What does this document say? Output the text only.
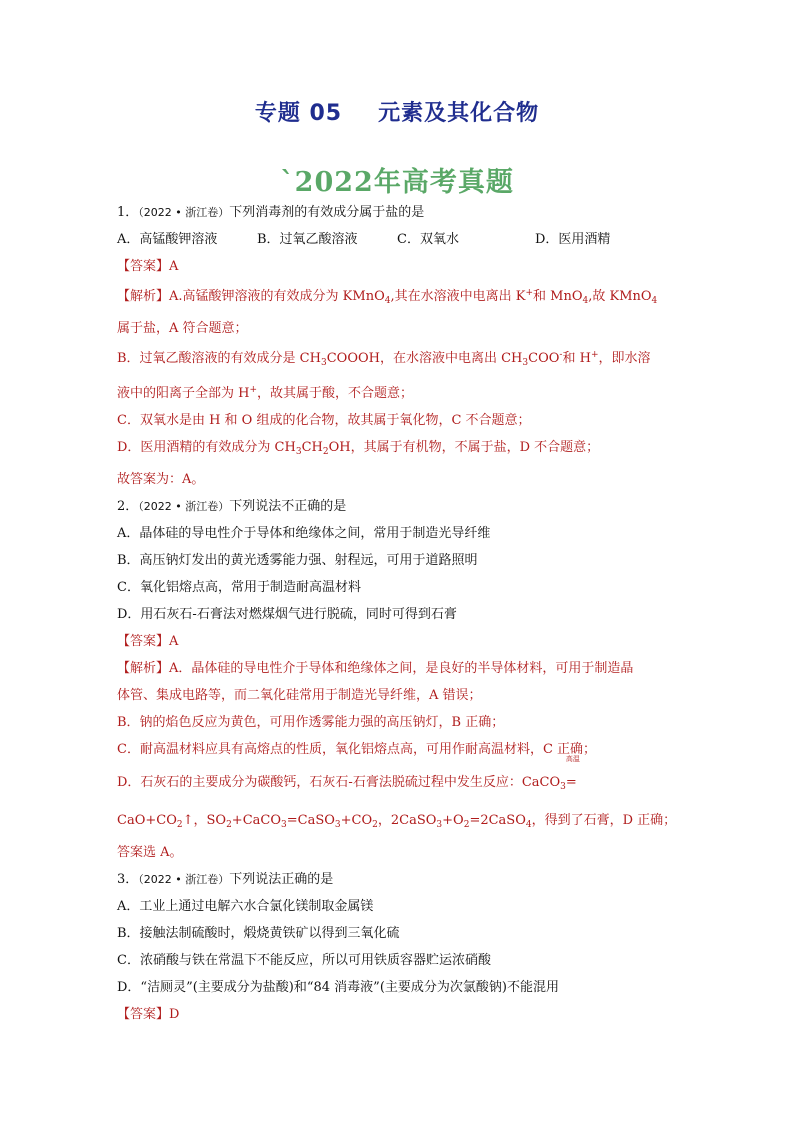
专题 05 元素及其化合物
`2022年高考真题

1．（2022 • 浙江卷）下列消毒剂的有效成分属于盐的是

A．高锰酸钾溶液	B．过氧乙酸溶液	C．双氧水	D．医用酒精

【答案】A

【解析】A.高锰酸钾溶液的有效成分为 KMnO$_4$,其在水溶液中电离出 K+和 MnO$_4$,故 KMnO$_4$

属于盐，A 符合题意；

B．过氧乙酸溶液的有效成分是 $CH_3COOOH$，在水溶液中电离出 $CH_3COO^-$和 H+，即水溶

液中的阳离子全部为 H+，故其属于酸，不合题意；

C．双氧水是由 H 和 O 组成的化合物，故其属于氧化物，C 不合题意；

D．医用酒精的有效成分为 $CH_3CH_2OH$，其属于有机物，不属于盐，D 不合题意；

故答案为：A。

2．（2022 • 浙江卷）下列说法不正确的是

A．晶体硅的导电性介于导体和绝缘体之间，常用于制造光导纤维

B．高压钠灯发出的黄光透雾能力强、射程远，可用于道路照明

C．氧化铝熔点高，常用于制造耐高温材料

D．用石灰石-石膏法对燃煤烟气进行脱硫，同时可得到石膏

【答案】A

【解析】A．晶体硅的导电性介于导体和绝缘体之间，是良好的半导体材料，可用于制造晶

体管、集成电路等，而二氧化硅常用于制造光导纤维，A 错误；

B．钠的焰色反应为黄色，可用作透雾能力强的高压钠灯，B 正确；

C．耐高温材料应具有高熔点的性质，氧化铝熔点高，可用作耐高温材料，C 正确；

D．石灰石的主要成分为碳酸钙，石灰石-石膏法脱硫过程中发生反应：CaCO$_3$
高温
=

$CaO+CO_2↑$，$SO_2+CaCO_3=CaSO_3+CO_2$，$2CaSO_3+O_2=2CaSO_4$，得到了石膏，D 正确；

答案选 A。

3．（2022 • 浙江卷）下列说法正确的是

A．工业上通过电解六水合氯化镁制取金属镁

B．接触法制硫酸时，煅烧黄铁矿以得到三氧化硫

C．浓硝酸与铁在常温下不能反应，所以可用铁质容器贮运浓硝酸

D．“洁厕灵”(主要成分为盐酸)和“84 消毒液”(主要成分为次氯酸钠)不能混用

【答案】D
